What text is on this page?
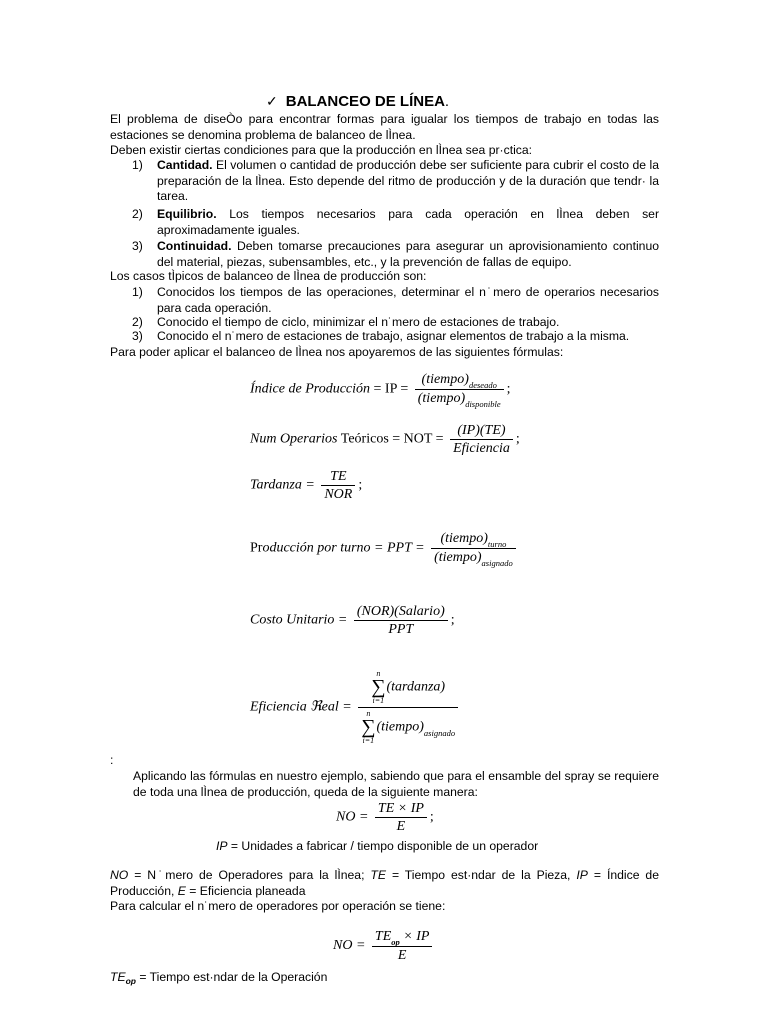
✓ BALANCEO DE LÍNEA.
El problema de diseÒo para encontrar formas para igualar los tiempos de trabajo en todas las estaciones se denomina problema de balanceo de lÌnea.
Deben existir ciertas condiciones para que la producción en lÌnea sea pr·ctica:
1) Cantidad. El volumen o cantidad de producción debe ser suficiente para cubrir el costo de la preparación de la lÌnea. Esto depende del ritmo de producción y de la duración que tendr· la tarea.
2) Equilibrio. Los tiempos necesarios para cada operación en lÌnea deben ser aproximadamente iguales.
3) Continuidad. Deben tomarse precauciones para asegurar un aprovisionamiento continuo del material, piezas, subensambles, etc., y la prevención de fallas de equipo.
Los casos tÌpicos de balanceo de lÌnea de producción son:
1) Conocidos los tiempos de las operaciones, determinar el n˙mero de operarios necesarios para cada operación.
2) Conocido el tiempo de ciclo, minimizar el n˙mero de estaciones de trabajo.
3) Conocido el n˙mero de estaciones de trabajo, asignar elementos de trabajo a la misma.
Para poder aplicar el balanceo de lÌnea nos apoyaremos de las siguientes fórmulas:
Índice de Producción = IP = $\frac{(tiempo)_{deseado}}{(tiempo)_{disponible}}$ ;
Num Operarios Teóricos = NOT = $\frac{(IP)(TE)}{\text{Eficiencia}}$ ;
Tardanza = $\frac{TE}{\text{NOR}}$ ;
Producción por turno = PPT = $\frac{(tiempo)_{turno}}{(tiempo)_{asignado}}$
Costo Unitario = $\frac{\text{(NOR)(Salario)}}{\text{PPT}}$ ;
Eficiencia ℜeal = n
∑
i=1(tardanza)
n
∑
$i=1(tiempo)_{asignado}$
:
Aplicando las fórmulas en nuestro ejemplo, sabiendo que para el ensamble del spray se requiere de toda una lÌnea de producción, queda de la siguiente manera:
NO = $\frac{TE \times IP}{E}$ ;
IP = Unidades a fabricar / tiempo disponible de un operador
NO = N˙mero de Operadores para la lÌnea; TE = Tiempo est·ndar de la Pieza, IP = Índice de Producción, E = Eficiencia planeada
Para calcular el n˙mero de operadores por operación se tiene:
NO = $\frac{TE_{op} \times IP}{E}$
$TE_{op}$ = Tiempo est·ndar de la Operación
